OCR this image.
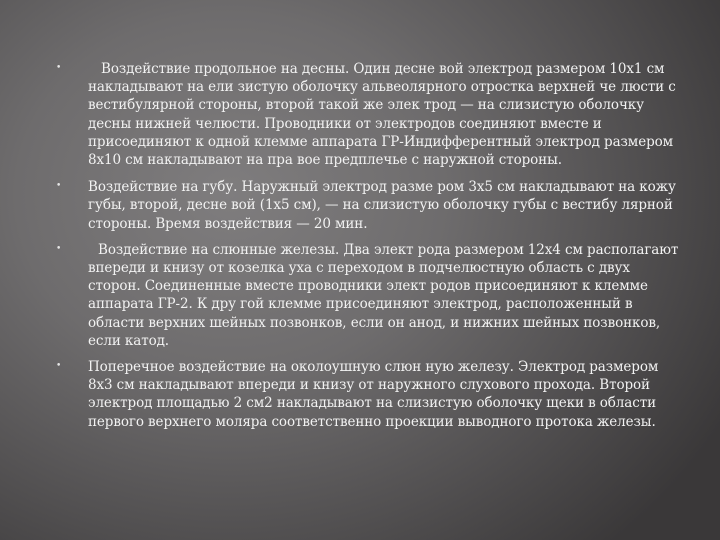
•	Воздействие продольное на десны. Один десне вой электрод размером 10х1 см накладывают на ели зистую оболочку альвеолярного отростка верхней че люсти с вестибулярной стороны, второй такой же элек трод — на слизистую оболочку десны нижней челюсти. Проводники от электродов соединяют вместе и присоединяют к одной клемме аппарата ГР-Индифферентный электрод размером 8х10 см накладывают на пра вое предплечье с наружной стороны.
• Воздействие на губу. Наружный электрод разме ром 3х5 см накладывают на кожу губы, второй, десне вой (1х5 см), — на слизистую оболочку губы с вестибу лярной стороны. Время воздействия — 20 мин.
•	Воздействие на слюнные железы. Два элект рода размером 12х4 см располагают впереди и книзу от козелка уха с переходом в подчелюстную область с двух сторон. Соединенные вместе проводники элект родов присоединяют к клемме аппарата ГР-2. К дру гой клемме присоединяют электрод, расположенный в области верхних шейных позвонков, если он анод, и нижних шейных позвонков, если катод.
• Поперечное воздействие на околоушную слюн ную железу. Электрод размером 8х3 см накладывают впереди и книзу от наружного слухового прохода. Второй электрод площадью 2 см2 накладывают на слизистую оболочку щеки в области первого верхнего моляра соответственно проекции выводного протока железы.
